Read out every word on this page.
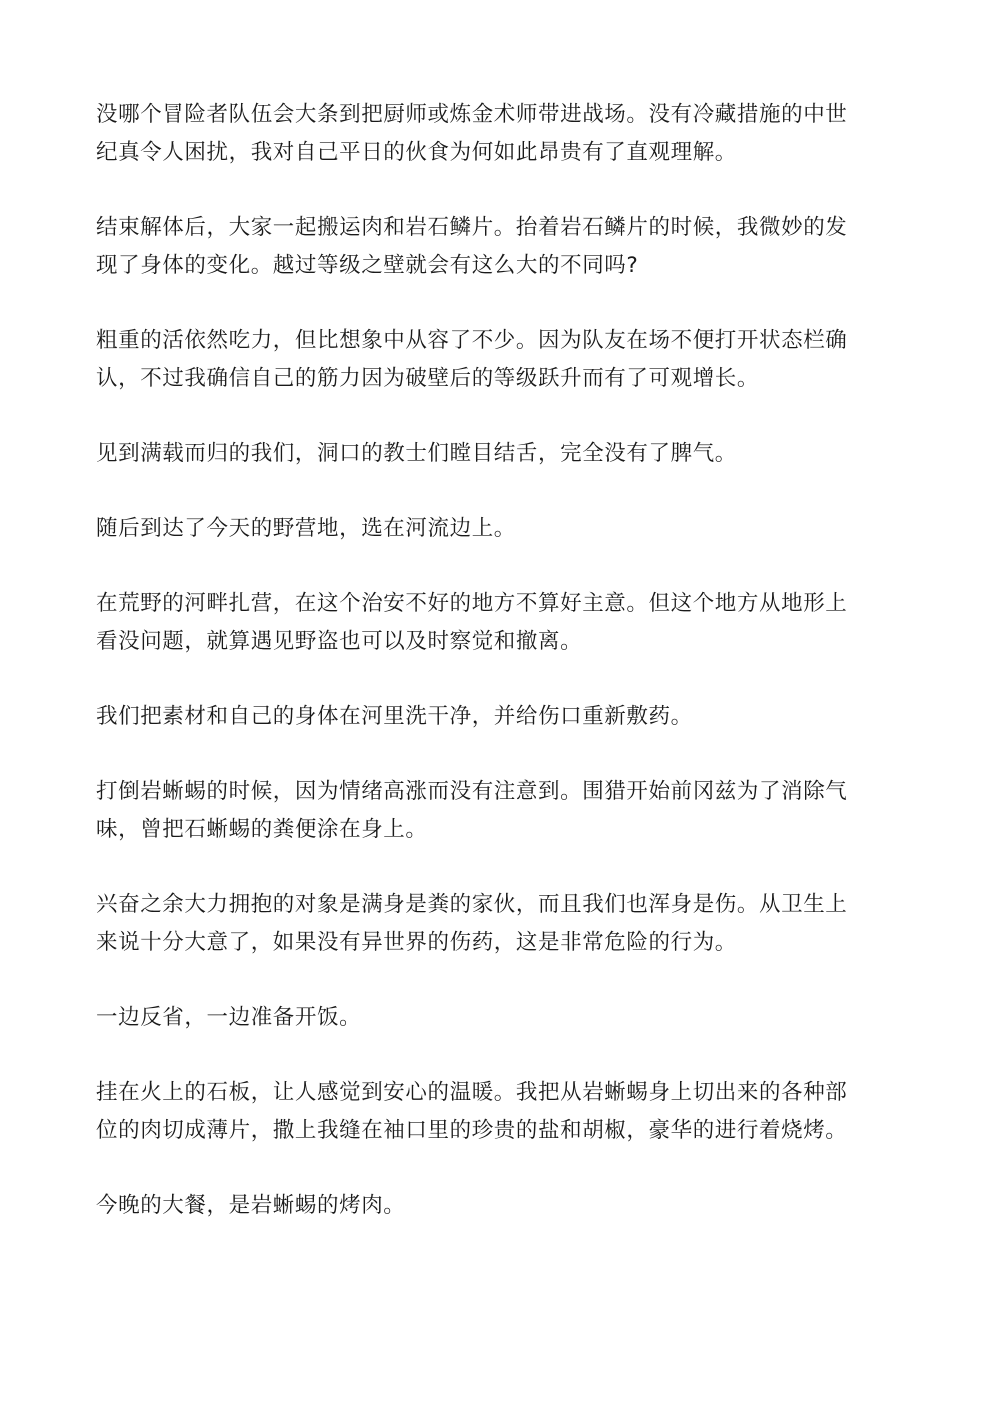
没哪个冒险者队伍会大条到把厨师或炼金术师带进战场。没有冷藏措施的中世
纪真令人困扰，我对自己平日的伙食为何如此昂贵有了直观理解。

结束解体后，大家一起搬运肉和岩石鳞片。抬着岩石鳞片的时候，我微妙的发
现了身体的变化。越过等级之壁就会有这么大的不同吗?

粗重的活依然吃力，但比想象中从容了不少。因为队友在场不便打开状态栏确
认，不过我确信自己的筋力因为破壁后的等级跃升而有了可观增长。

见到满载而归的我们，洞口的教士们瞠目结舌，完全没有了脾气。

随后到达了今天的野营地，选在河流边上。

在荒野的河畔扎营，在这个治安不好的地方不算好主意。但这个地方从地形上
看没问题，就算遇见野盗也可以及时察觉和撤离。

我们把素材和自己的身体在河里洗干净，并给伤口重新敷药。

打倒岩蜥蜴的时候，因为情绪高涨而没有注意到。围猎开始前冈兹为了消除气
味，曾把石蜥蜴的粪便涂在身上。

兴奋之余大力拥抱的对象是满身是粪的家伙，而且我们也浑身是伤。从卫生上
来说十分大意了，如果没有异世界的伤药，这是非常危险的行为。

一边反省，一边准备开饭。

挂在火上的石板，让人感觉到安心的温暖。我把从岩蜥蜴身上切出来的各种部
位的肉切成薄片，撒上我缝在袖口里的珍贵的盐和胡椒，豪华的进行着烧烤。

今晚的大餐，是岩蜥蜴的烤肉。
